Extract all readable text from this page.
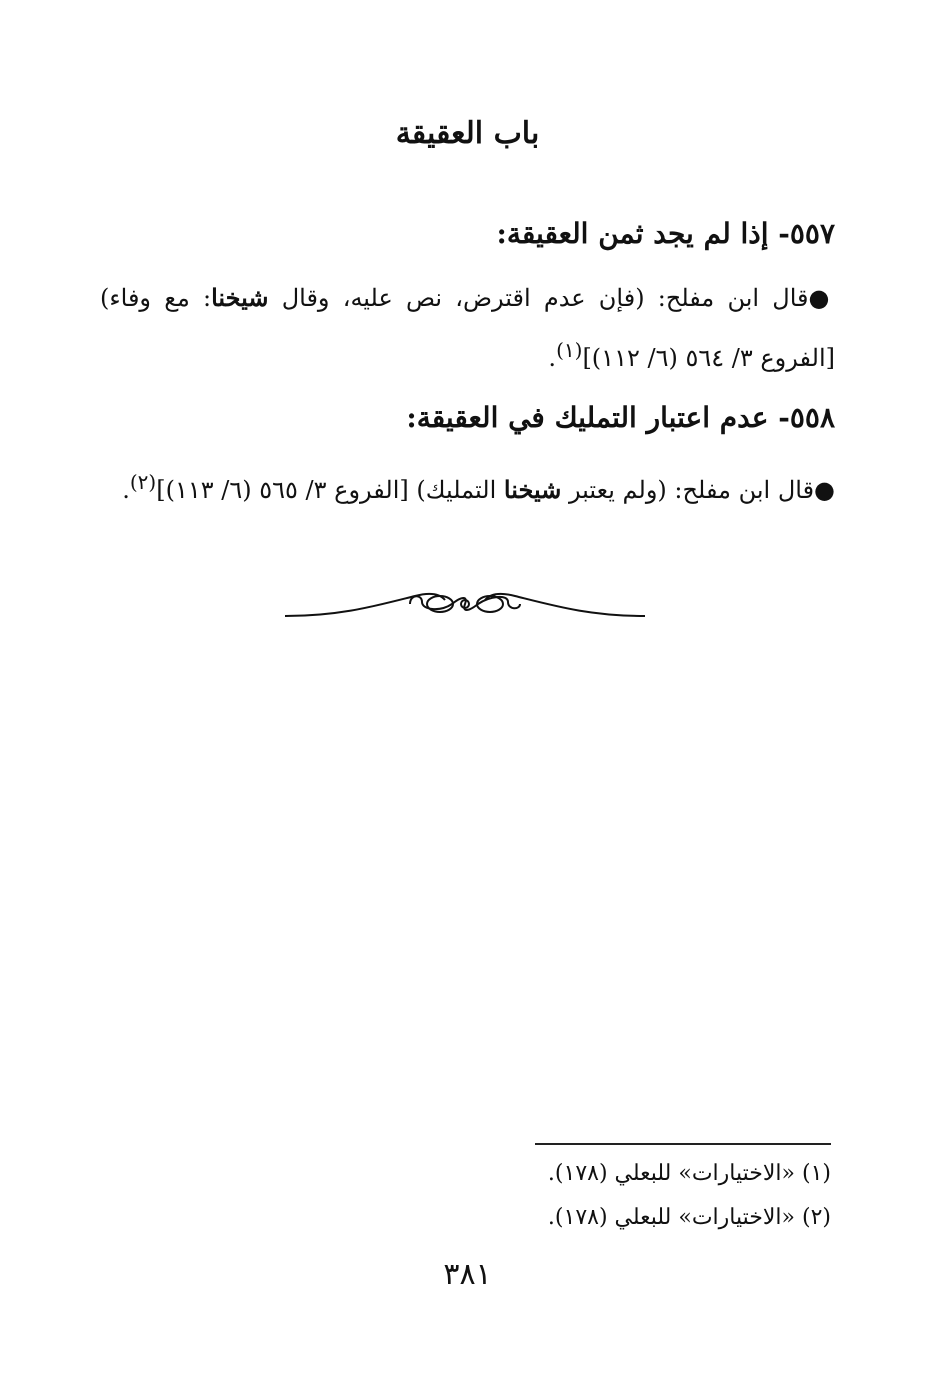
باب العقيقة
٥٥٧- إذا لم يجد ثمن العقيقة:
●قال ابن مفلح: (فإن عدم اقترض، نص عليه، وقال شيخنا: مع وفاء) [الفروع ٣/ ٥٦٤ (٦/ ١١٢)]$^{(١)}$.
٥٥٨- عدم اعتبار التمليك في العقيقة:
●قال ابن مفلح: (ولم يعتبر شيخنا التمليك) [الفروع ٣/ ٥٦٥ (٦/ ١١٣)]$^{(٢)}$.
(١) «الاختيارات» للبعلي (١٧٨).
(٢) «الاختيارات» للبعلي (١٧٨).
٣٨١
